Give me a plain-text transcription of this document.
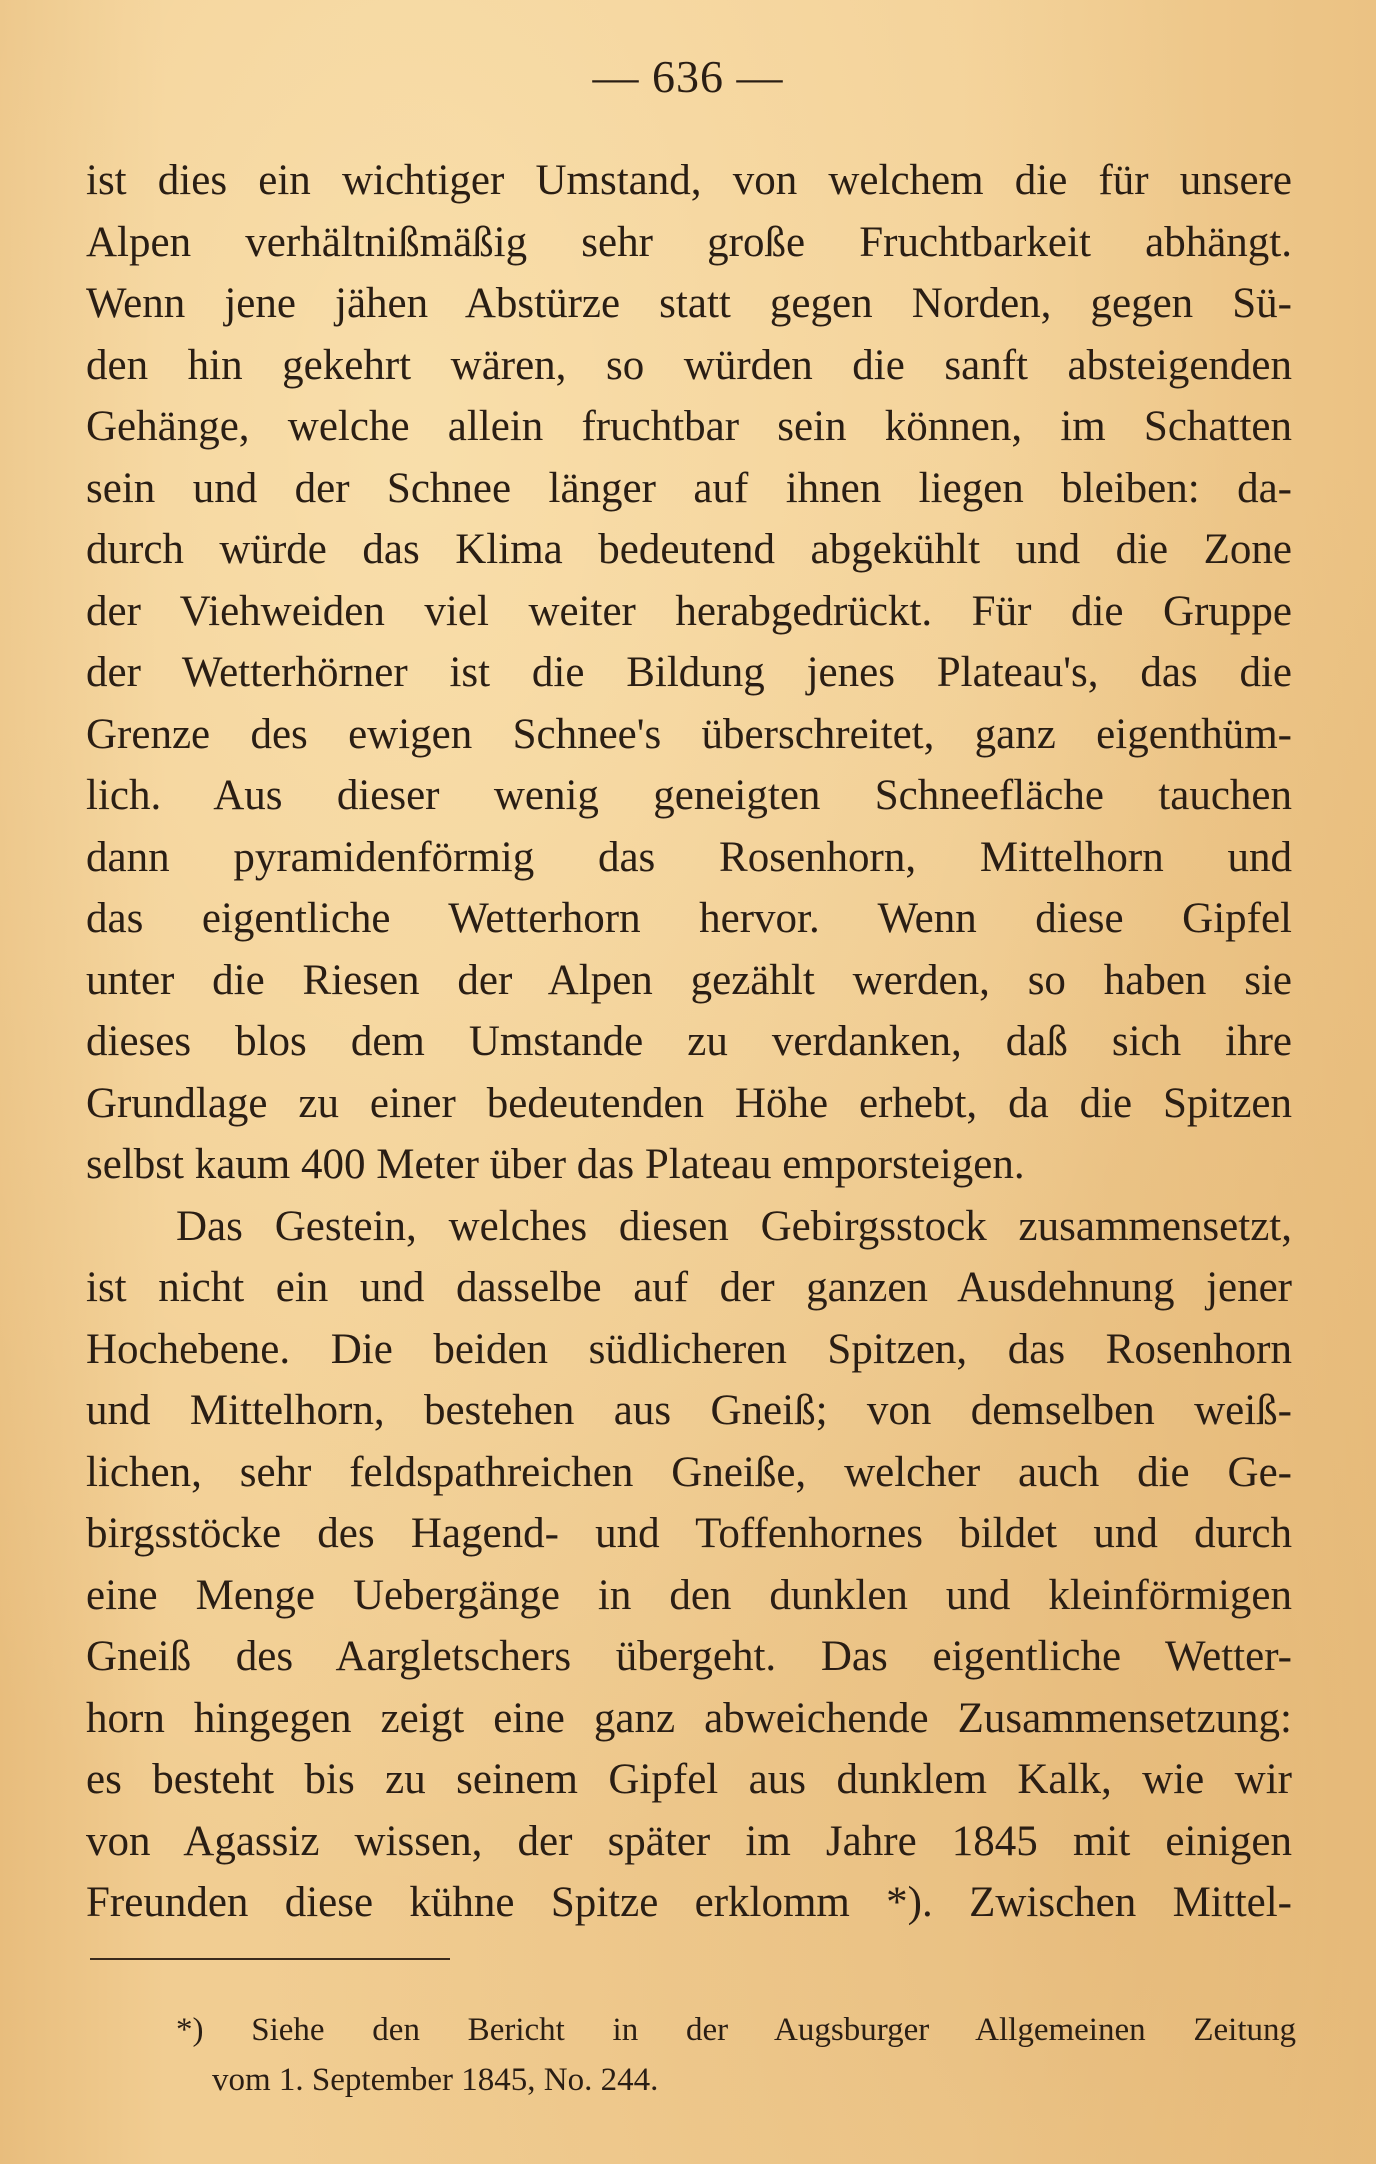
— 636 —
ist dies ein wichtiger Umstand, von welchem die für unsere
Alpen verhältnißmäßig sehr große Fruchtbarkeit abhängt.
Wenn jene jähen Abstürze statt gegen Norden, gegen Sü-
den hin gekehrt wären, so würden die sanft absteigenden
Gehänge, welche allein fruchtbar sein können, im Schatten
sein und der Schnee länger auf ihnen liegen bleiben: da-
durch würde das Klima bedeutend abgekühlt und die Zone
der Viehweiden viel weiter herabgedrückt. Für die Gruppe
der Wetterhörner ist die Bildung jenes Plateau's, das die
Grenze des ewigen Schnee's überschreitet, ganz eigenthüm-
lich. Aus dieser wenig geneigten Schneefläche tauchen
dann pyramidenförmig das Rosenhorn, Mittelhorn und
das eigentliche Wetterhorn hervor. Wenn diese Gipfel
unter die Riesen der Alpen gezählt werden, so haben sie
dieses blos dem Umstande zu verdanken, daß sich ihre
Grundlage zu einer bedeutenden Höhe erhebt, da die Spitzen
selbst kaum 400 Meter über das Plateau emporsteigen.
Das Gestein, welches diesen Gebirgsstock zusammensetzt,
ist nicht ein und dasselbe auf der ganzen Ausdehnung jener
Hochebene. Die beiden südlicheren Spitzen, das Rosenhorn
und Mittelhorn, bestehen aus Gneiß; von demselben weiß-
lichen, sehr feldspathreichen Gneiße, welcher auch die Ge-
birgsstöcke des Hagend- und Toffenhornes bildet und durch
eine Menge Uebergänge in den dunklen und kleinförmigen
Gneiß des Aargletschers übergeht. Das eigentliche Wetter-
horn hingegen zeigt eine ganz abweichende Zusammensetzung:
es besteht bis zu seinem Gipfel aus dunklem Kalk, wie wir
von Agassiz wissen, der später im Jahre 1845 mit einigen
Freunden diese kühne Spitze erklomm *). Zwischen Mittel-
*) Siehe den Bericht in der Augsburger Allgemeinen Zeitung
vom 1. September 1845, No. 244.
